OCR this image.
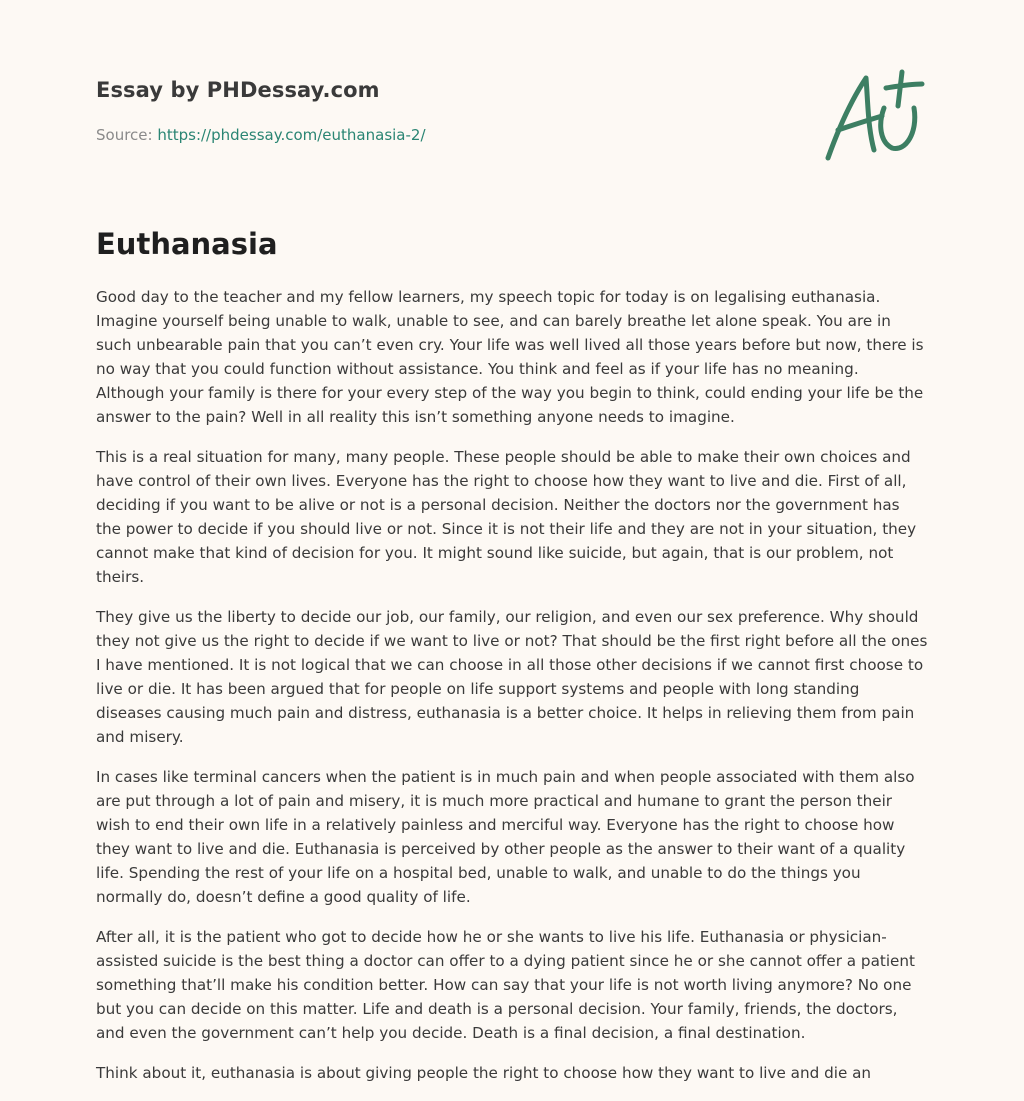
Essay by PHDessay.com
Source: https://phdessay.com/euthanasia-2/
Euthanasia

Good day to the teacher and my fellow learners, my speech topic for today is on legalising euthanasia. Imagine yourself being unable to walk, unable to see, and can barely breathe let alone speak. You are in such unbearable pain that you can’t even cry. Your life was well lived all those years before but now, there is no way that you could function without assistance. You think and feel as if your life has no meaning. Although your family is there for your every step of the way you begin to think, could ending your life be the answer to the pain? Well in all reality this isn’t something anyone needs to imagine.

This is a real situation for many, many people. These people should be able to make their own choices and have control of their own lives. Everyone has the right to choose how they want to live and die. First of all, deciding if you want to be alive or not is a personal decision. Neither the doctors nor the government has the power to decide if you should live or not. Since it is not their life and they are not in your situation, they cannot make that kind of decision for you. It might sound like suicide, but again, that is our problem, not theirs.

They give us the liberty to decide our job, our family, our religion, and even our sex preference. Why should they not give us the right to decide if we want to live or not? That should be the first right before all the ones I have mentioned. It is not logical that we can choose in all those other decisions if we cannot first choose to live or die. It has been argued that for people on life support systems and people with long standing diseases causing much pain and distress, euthanasia is a better choice. It helps in relieving them from pain and misery.

In cases like terminal cancers when the patient is in much pain and when people associated with them also are put through a lot of pain and misery, it is much more practical and humane to grant the person their wish to end their own life in a relatively painless and merciful way. Everyone has the right to choose how they want to live and die. Euthanasia is perceived by other people as the answer to their want of a quality life. Spending the rest of your life on a hospital bed, unable to walk, and unable to do the things you normally do, doesn’t define a good quality of life.

After all, it is the patient who got to decide how he or she wants to live his life. Euthanasia or physician-assisted suicide is the best thing a doctor can offer to a dying patient since he or she cannot offer a patient something that’ll make his condition better. How can say that your life is not worth living anymore? No one but you can decide on this matter. Life and death is a personal decision. Your family, friends, the doctors, and even the government can’t help you decide. Death is a final decision, a final destination.

Think about it, euthanasia is about giving people the right to choose how they want to live and die an
